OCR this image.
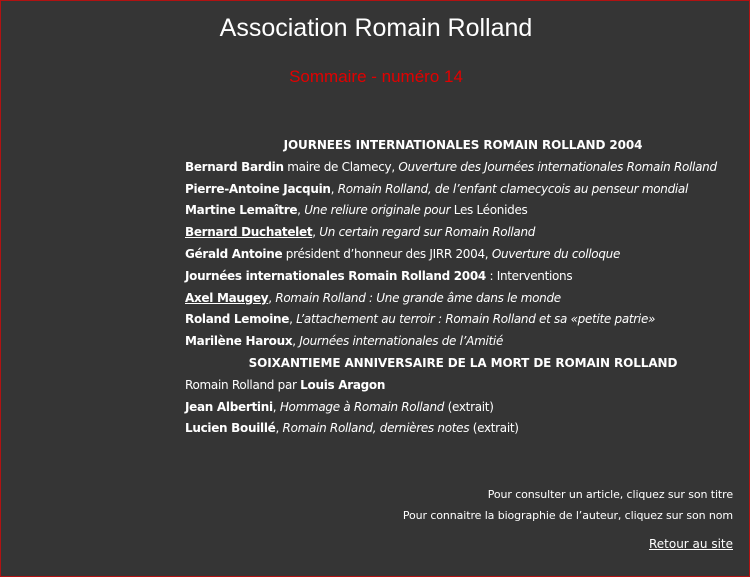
Association Romain Rolland
Sommaire - numéro 14
JOURNEES INTERNATIONALES ROMAIN ROLLAND 2004
Bernard Bardin maire de Clamecy, Ouverture des Journées internationales Romain Rolland
Pierre-Antoine Jacquin, Romain Rolland, de l’enfant clamecycois au penseur mondial
Martine Lemaître, Une reliure originale pour Les Léonides
Bernard Duchatelet, Un certain regard sur Romain Rolland
Gérald Antoine président d’honneur des JIRR 2004, Ouverture du colloque
Journées internationales Romain Rolland 2004 : Interventions
Axel Maugey, Romain Rolland : Une grande âme dans le monde
Roland Lemoine, L’attachement au terroir : Romain Rolland et sa «petite patrie»
Marilène Haroux, Journées internationales de l’Amitié
SOIXANTIEME ANNIVERSAIRE DE LA MORT DE ROMAIN ROLLAND
Romain Rolland par Louis Aragon
Jean Albertini, Hommage à Romain Rolland (extrait)
Lucien Bouillé, Romain Rolland, dernières notes (extrait)
Pour consulter un article, cliquez sur son titre
Pour connaitre la biographie de l’auteur, cliquez sur son nom
Retour au site
